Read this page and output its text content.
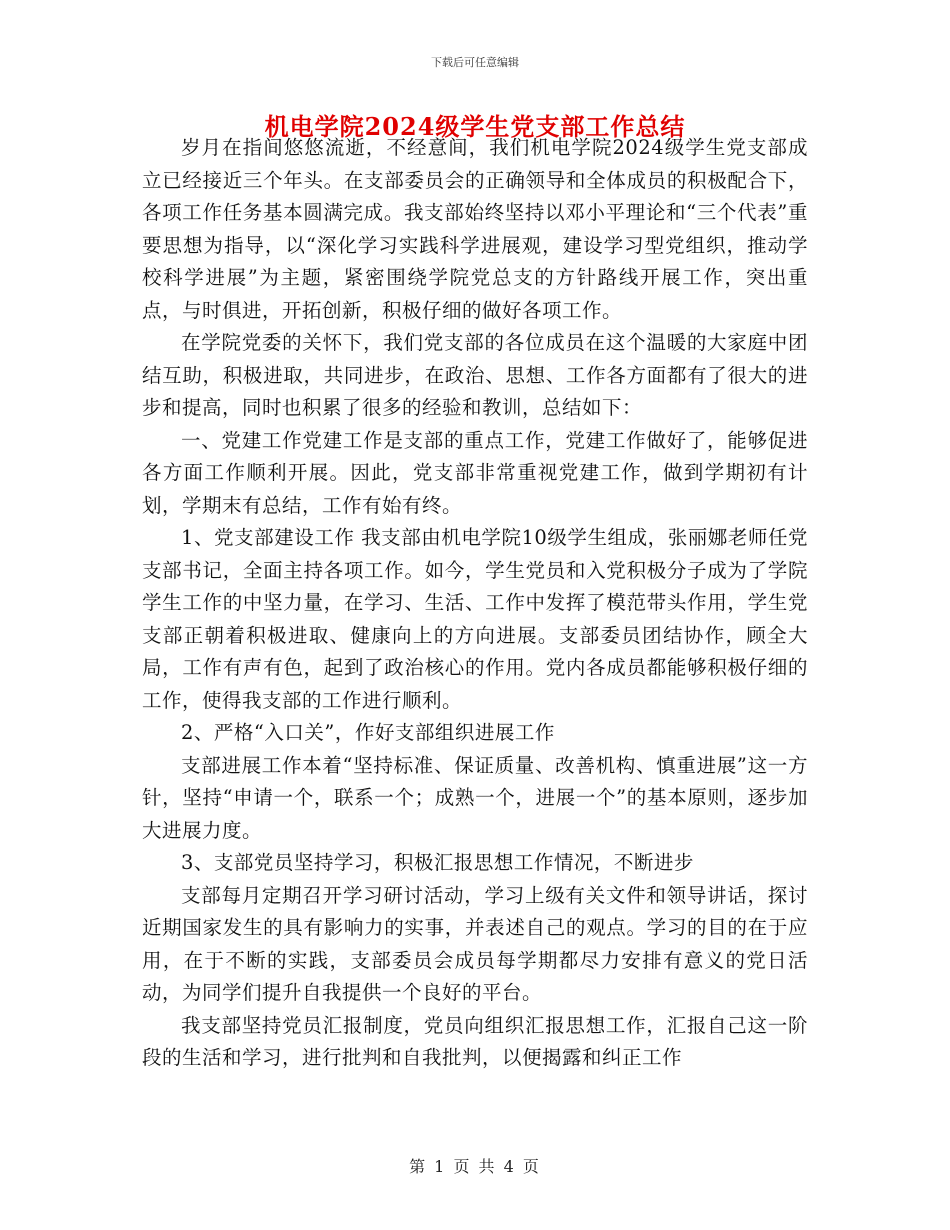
下载后可任意编辑
机电学院2024级学生党支部工作总结

岁月在指间悠悠流逝，不经意间，我们机电学院2024级学生党支部成立已经接近三个年头。在支部委员会的正确领导和全体成员的积极配合下，各项工作任务基本圆满完成。我支部始终坚持以邓小平理论和“三个代表”重要思想为指导，以“深化学习实践科学进展观，建设学习型党组织，推动学校科学进展”为主题，紧密围绕学院党总支的方针路线开展工作，突出重点，与时俱进，开拓创新，积极仔细的做好各项工作。

在学院党委的关怀下，我们党支部的各位成员在这个温暖的大家庭中团结互助，积极进取，共同进步，在政治、思想、工作各方面都有了很大的进步和提高，同时也积累了很多的经验和教训，总结如下：

一、党建工作党建工作是支部的重点工作，党建工作做好了，能够促进各方面工作顺利开展。因此，党支部非常重视党建工作，做到学期初有计划，学期末有总结，工作有始有终。

1、党支部建设工作 我支部由机电学院10级学生组成，张丽娜老师任党支部书记，全面主持各项工作。如今，学生党员和入党积极分子成为了学院学生工作的中坚力量，在学习、生活、工作中发挥了模范带头作用，学生党支部正朝着积极进取、健康向上的方向进展。支部委员团结协作，顾全大局，工作有声有色，起到了政治核心的作用。党内各成员都能够积极仔细的工作，使得我支部的工作进行顺利。

2、严格“入口关”，作好支部组织进展工作

支部进展工作本着“坚持标准、保证质量、改善机构、慎重进展”这一方针，坚持“申请一个，联系一个；成熟一个，进展一个”的基本原则，逐步加大进展力度。

3、支部党员坚持学习，积极汇报思想工作情况，不断进步

支部每月定期召开学习研讨活动，学习上级有关文件和领导讲话，探讨近期国家发生的具有影响力的实事，并表述自己的观点。学习的目的在于应用，在于不断的实践，支部委员会成员每学期都尽力安排有意义的党日活动，为同学们提升自我提供一个良好的平台。

我支部坚持党员汇报制度，党员向组织汇报思想工作，汇报自己这一阶段的生活和学习，进行批判和自我批判，以便揭露和纠正工作

第 1 页 共 4 页
